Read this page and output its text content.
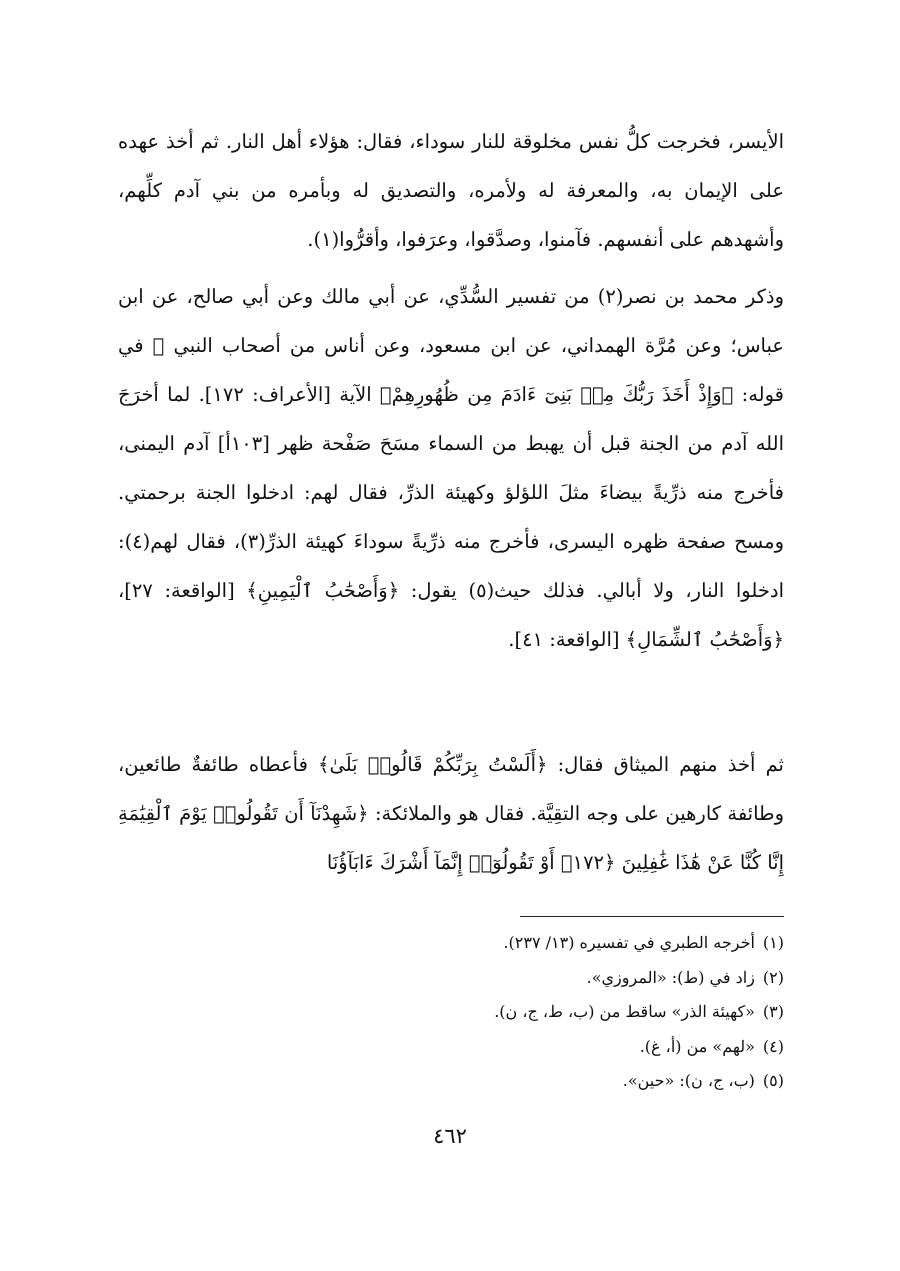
الأيسر، فخرجت كلُّ نفس مخلوقة للنار سوداء، فقال: هؤلاء أهل النار. ثم أخذ عهده على الإيمان به، والمعرفة له ولأمره، والتصديق له وبأمره من بني آدم كلِّهم، وأشهدهم على أنفسهم. فآمنوا، وصدَّقوا، وعرَفوا، وأقرُّوا(١).

وذكر محمد بن نصر(٢) من تفسير السُّدِّي، عن أبي مالك وعن أبي صالح، عن ابن عباس؛ وعن مُرَّة الهمداني، عن ابن مسعود، وعن أناس من أصحاب النبي ﷺ في قوله: ﴿وَإِذْ أَخَذَ رَبُّكَ مِنۢ بَنِىٓ ءَادَمَ مِن ظُهُورِهِمْ﴾ الآية [الأعراف: ١٧٢]. لما أخرَجَ الله آدم من الجنة قبل أن يهبط من السماء مسَحَ صَفْحة ظهر [١٠٣أ] آدم اليمنى، فأخرج منه ذرِّيةً بيضاءَ مثلَ اللؤلؤ وكهيئة الذرِّ، فقال لهم: ادخلوا الجنة برحمتي. ومسح صفحة ظهره اليسرى، فأخرج منه ذرِّيةً سوداءَ كهيئة الذرِّ(٣)، فقال لهم(٤): ادخلوا النار، ولا أبالي. فذلك حيث(٥) يقول: ﴿وَأَصْحَٰبُ ٱلْيَمِينِ﴾ [الواقعة: ٢٧]، ﴿وَأَصْحَٰبُ ٱلشِّمَالِ﴾ [الواقعة: ٤١].

ثم أخذ منهم الميثاق فقال: ﴿أَلَسْتُ بِرَبِّكُمْ قَالُوا۟ بَلَىٰ﴾ فأعطاه طائفةٌ طائعين، وطائفة كارهين على وجه التقِيَّة. فقال هو والملائكة: ﴿شَهِدْنَآ أَن تَقُولُوا۟ يَوْمَ ٱلْقِيَٰمَةِ إِنَّا كُنَّا عَنْ هَٰذَا غَٰفِلِينَ ﴿١٧٢﴾ أَوْ تَقُولُوٓا۟ إِنَّمَآ أَشْرَكَ ءَابَآؤُنَا

(١)أخرجه الطبري في تفسيره (١٣/ ٢٣٧).
(٢)زاد في (ط): «المروزي».
(٣)«كهيئة الذر» ساقط من (ب، ط، ج، ن).
(٤)«لهم» من (أ، غ).
(٥)(ب، ج، ن): «حين».
٤٦٢
